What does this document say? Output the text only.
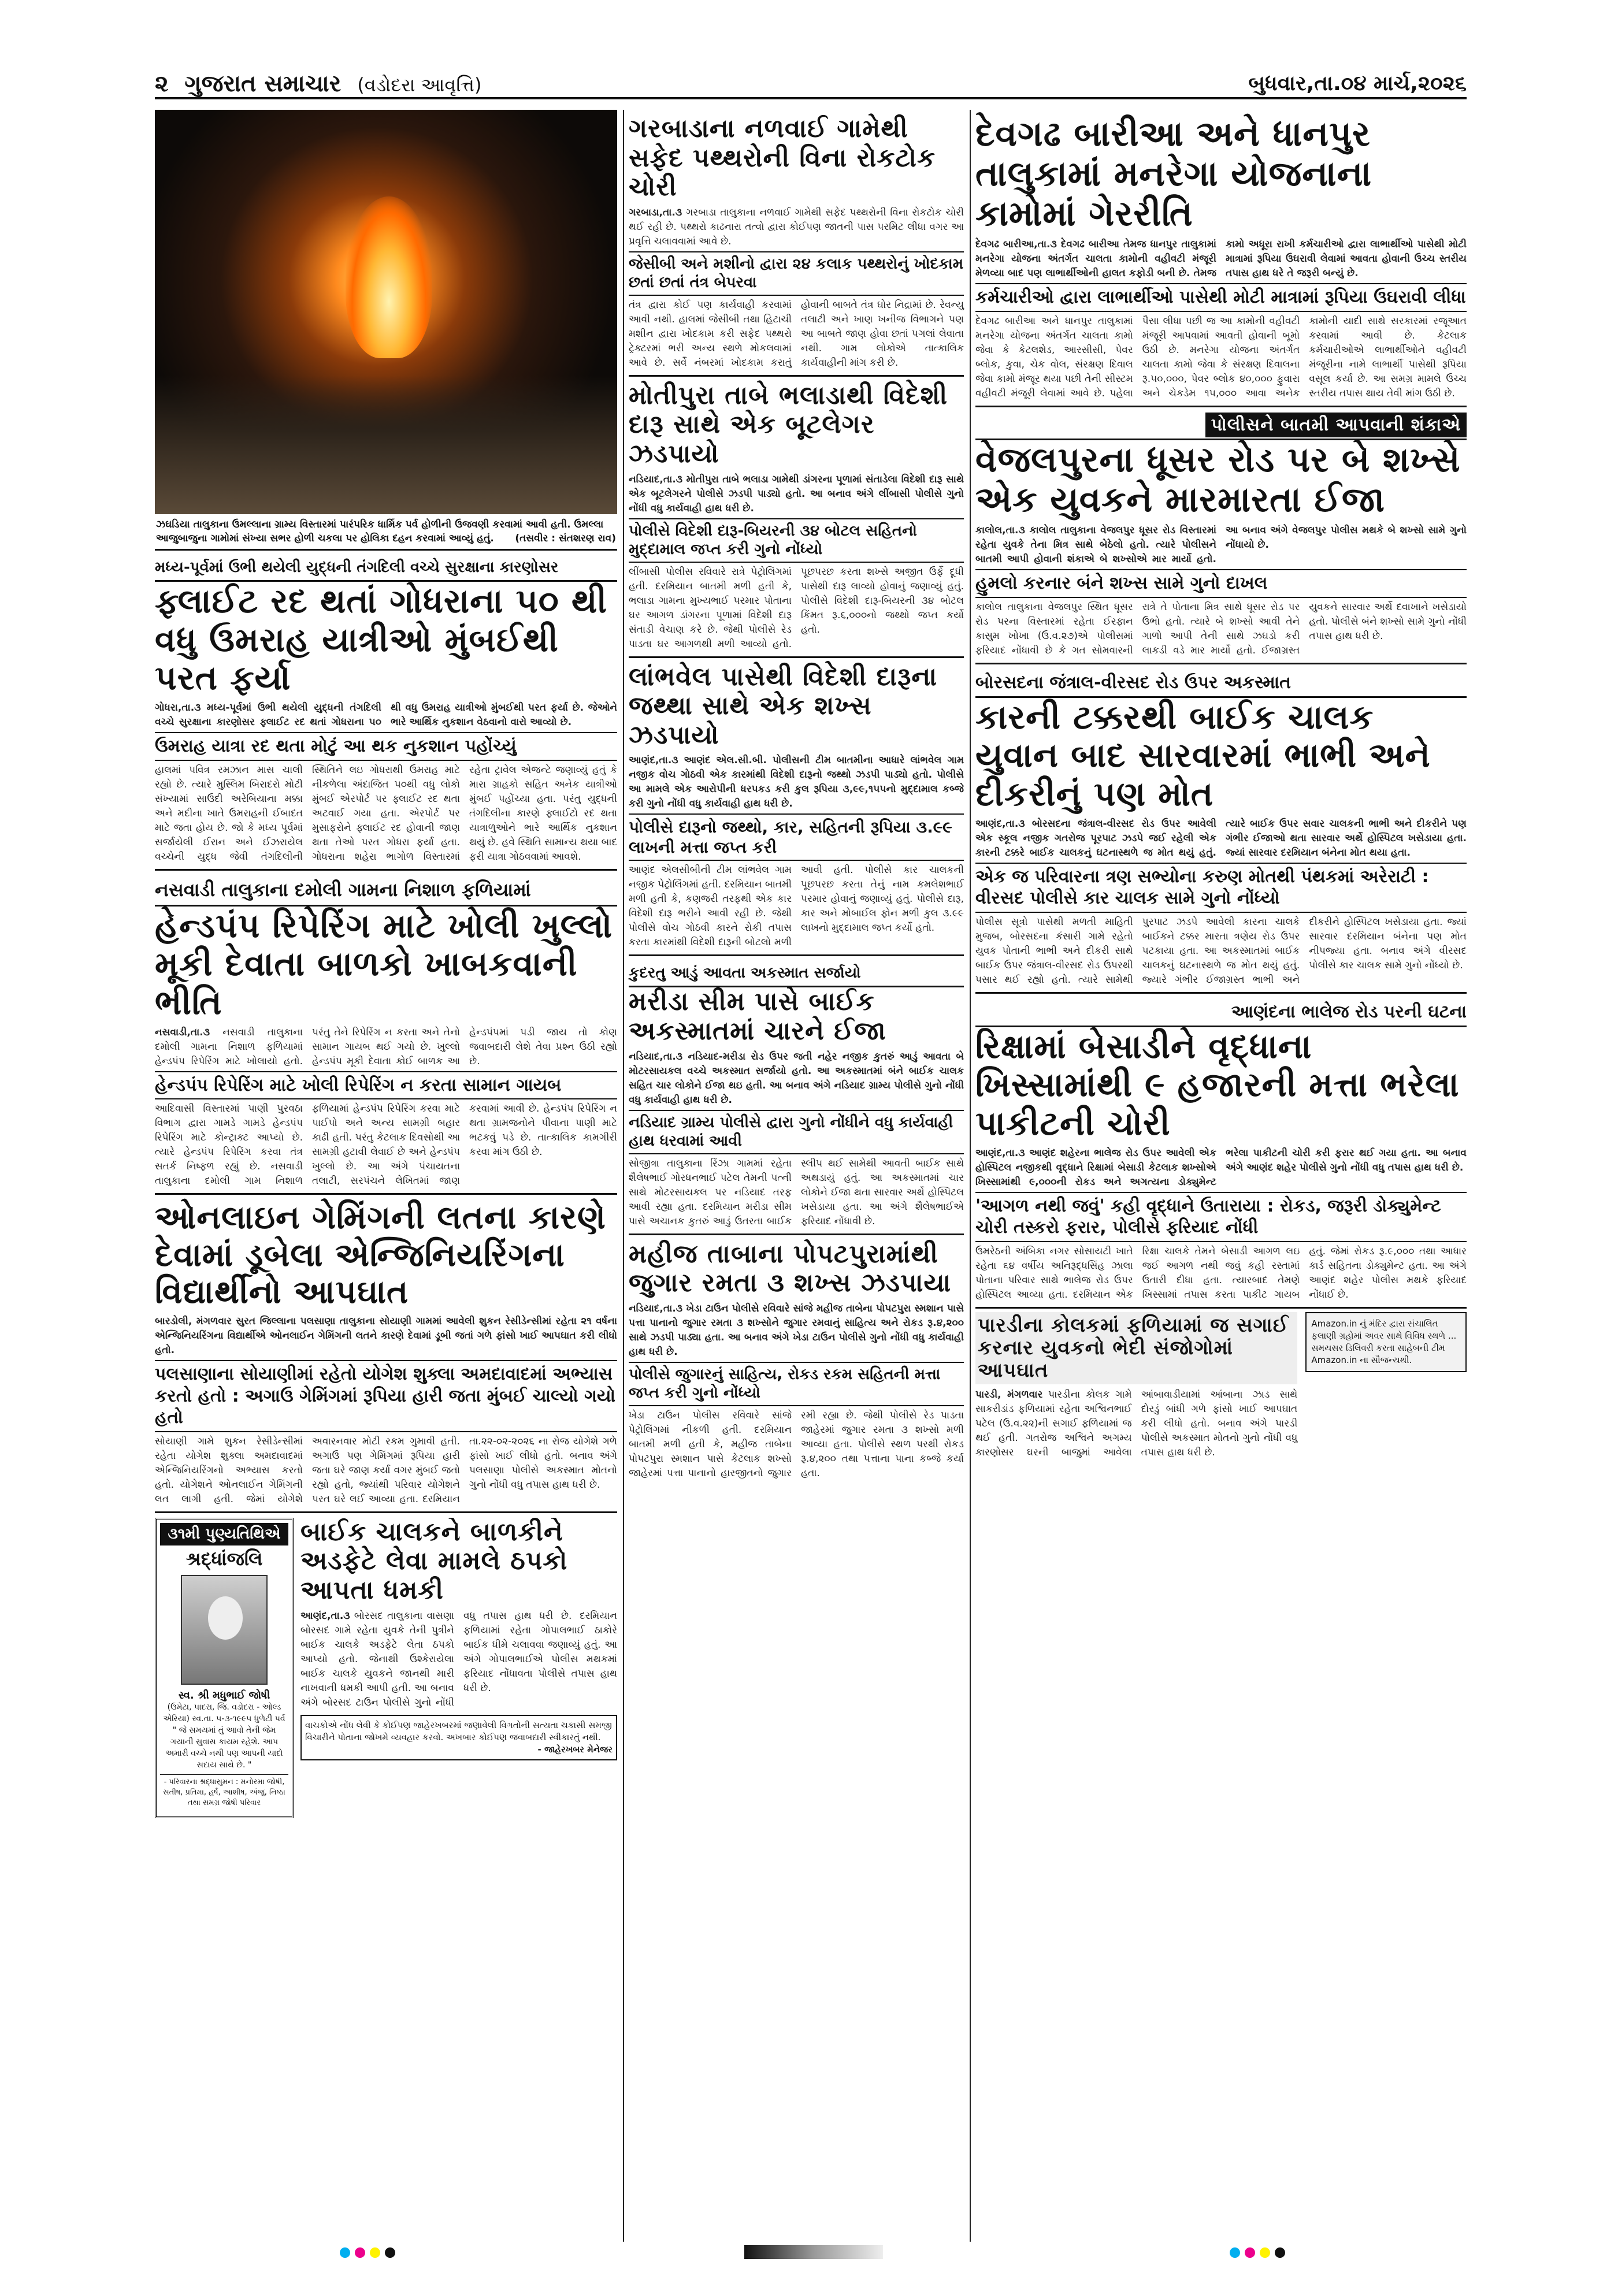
૨ ગુજરાત સમાચાર (વડોદરા આવૃત્તિ)	બુધવાર,તા.૦૪ માર્ચ,૨૦૨૬
ઝઘડિયા તાલુકાના ઉમલ્લાના ગ્રામ્ય વિસ્તારમાં પારંપરિક ધાર્મિક પર્વ હોળીની ઉજવણી કરવામાં આવી હતી. ઉમલ્લા આજુબાજુના ગામોમાં સંખ્યા સભર હોળી ચકલા પર હોલિકા દહન કરવામાં આવ્યું હતું. (તસવીર : સંતશરણ રાવ)
મધ્ય-પૂર્વમાં ઉભી થયેલી યુદ્ધની તંગદિલી વચ્ચે સુરક્ષાના કારણોસર
ફ્લાઈટ રદ થતાં ગોધરાના ૫૦ થી વધુ ઉમરાહ યાત્રીઓ મુંબઈથી પરત ફર્યા
ગોધરા,તા.૩ મધ્ય-પૂર્વમાં ઉભી થયેલી યુદ્ધની તંગદિલી વચ્ચે સુરક્ષાના કારણોસર ફ્લાઈટ રદ થતાં ગોધરાના ૫૦ થી વધુ ઉમરાહ યાત્રીઓ મુંબઈથી પરત ફર્યા છે. જેઓને ભારે આર્થિક નુકશાન વેઠવાનો વારો આવ્યો છે.
ઉમરાહ યાત્રા રદ થતા મોટું આ થક નુકશાન પહોંચ્યું
હાલમાં પવિત્ર રમઝાન માસ ચાલી રહ્યો છે. ત્યારે મુસ્લિમ બિરાદરો મોટી સંખ્યામાં સાઉદી અરેબિયાના મક્કા અને મદીના ખાતે ઉમરાહની ઈબાદત માટે જતા હોય છે. જો કે મધ્ય પૂર્વમાં સર્જાયેલી ઈરાન અને ઈઝરાયેલ વચ્ચેની યુદ્ધ જેવી તંગદિલીની સ્થિતિને લઇ ગોધરાથી ઉમરાહ માટે નીકળેલા અંદાજિત ૫૦થી વધુ લોકો મુંબઈ એરપોર્ટ પર ફ્લાઈટ રદ થતા અટવાઈ ગયા હતા. એરપોર્ટ પર મુસાફરોને ફ્લાઈટ રદ હોવાની જાણ થતા તેઓ પરત ગોધરા ફર્યા હતા. ગોધરાના શહેરા ભાગોળ વિસ્તારમાં રહેતા ટ્રાવેલ એજન્ટે જણાવ્યું હતું કે મારા ગ્રાહકો સહિત અનેક યાત્રીઓ મુંબઈ પહોંચ્યા હતા. પરંતુ યુદ્ધની તંગદિલીના કારણે ફ્લાઈટો રદ થતા યાત્રાળુઓને ભારે આર્થિક નુકશાન થયું છે. હવે સ્થિતિ સામાન્ય થયા બાદ ફરી યાત્રા ગોઠવવામાં આવશે.
નસવાડી તાલુકાના દમોલી ગામના નિશાળ ફળિયામાં
હેન્ડપંપ રિપેરિંગ માટે ખોલી ખુલ્લો મૂકી દેવાતા બાળકો ખાબકવાની ભીતિ
નસવાડી,તા.૩ નસવાડી તાલુકાના દમોલી ગામના નિશાળ ફળિયામાં હેન્ડપંપ રિપેરિંગ માટે ખોલાયો હતો. પરંતુ તેને રિપેરિંગ ન કરતા અને તેનો સામાન ગાયબ થઈ ગયો છે. ખુલ્લો હેન્ડપંપ મૂકી દેવાતા કોઈ બાળક આ હેન્ડપંપમાં પડી જાય તો કોણ જવાબદારી લેશે તેવા પ્રશ્ન ઉઠી રહ્યો છે.
હેન્ડપંપ રિપેરિંગ માટે ખોલી રિપેરિંગ ન કરતા સામાન ગાયબ
આદિવાસી વિસ્તારમાં પાણી પુરવઠા વિભાગ દ્વારા ગામડે ગામડે હેન્ડપંપ રિપેરિંગ માટે કોન્ટ્રાક્ટ આપ્યો છે. ત્યારે હેન્ડપંપ રિપેરિંગ કરવા તંત્ર સતર્ક નિષ્ફળ રહ્યું છે. નસવાડી તાલુકાના દમોલી ગામ નિશાળ ફળિયામાં હેન્ડપંપ રિપેરિંગ કરવા માટે પાઈપો અને અન્ય સામગ્રી બહાર કાઢી હતી. પરંતુ કેટલાક દિવસોથી આ સામગ્રી હટાવી લેવાઈ છે અને હેન્ડપંપ ખુલ્લો છે. આ અંગે પંચાયતના તલાટી, સરપંચને લેખિતમાં જાણ કરવામાં આવી છે. હેન્ડપંપ રિપેરિંગ ન થતા ગ્રામજનોને પીવાના પાણી માટે ભટકવું પડે છે. તાત્કાલિક કામગીરી કરવા માંગ ઉઠી છે.
ઓનલાઇન ગેમિંગની લતના કારણે દેવામાં ડૂબેલા એન્જિનિયરિંગના વિદ્યાર્થીનો આપઘાત
બારડોલી, મંગળવાર સુરત જિલ્લાના પલસાણા તાલુકાના સોયાણી ગામમાં આવેલી શુકન રેસીડેન્સીમાં રહેતા ૨૧ વર્ષના એન્જિનિયરિંગના વિદ્યાર્થીએ ઓનલાઈન ગેમિંગની લતને કારણે દેવામાં ડૂબી જતાં ગળે ફાંસો ખાઈ આપઘાત કરી લીધો હતો.
પલસાણાના સોયાણીમાં રહેતો યોગેશ શુક્લા અમદાવાદમાં અભ્યાસ કરતો હતો : અગાઉ ગેમિંગમાં રૂપિયા હારી જતા મુંબઈ ચાલ્યો ગયો હતો
સોયાણી ગામે શુકન રેસીડેન્સીમાં રહેતા યોગેશ શુક્લા અમદાવાદમાં એન્જિનિયરિંગનો અભ્યાસ કરતો હતો. યોગેશને ઓનલાઈન ગેમિંગની લત લાગી હતી. જેમાં યોગેશે અવારનવાર મોટી રકમ ગુમાવી હતી. અગાઉ પણ ગેમિંગમાં રૂપિયા હારી જતા ઘરે જાણ કર્યા વગર મુંબઈ જતો રહ્યો હતો, જ્યાંથી પરિવાર યોગેશને પરત ઘરે લઈ આવ્યા હતા. દરમિયાન તા.૨૨-૦૨-૨૦૨૬ ના રોજ યોગેશે ગળે ફાંસો ખાઈ લીધો હતો. બનાવ અંગે પલસાણા પોલીસે અકસ્માત મોતનો ગુનો નોંધી વધુ તપાસ હાથ ધરી છે.
૩૧મી પુણ્યતિથિએ
શ્રદ્ધાંજલિ
સ્વ. શ્રી મધુભાઈ જોષી
(ઉમેટા, પાદરા, જિ. વડોદરા - ઓલ્ડ એરિયા) સ્વ.તા. ૫-૩-૧૯૯૫ ધુળેટી પર્વ
" જે સમયમાં તું આવો તેની જેમ ગયાની સુવાસ કાયમ રહેશે. આપ અમારી વચ્ચે નથી પણ આપની યાદો સદાય સાથે છે. "
- પરિવારના શ્રદ્ધાસુમન : મનોરમા જોષી, સતીષ, પ્રતિમા, હર્ષ, આશીષ, અંજુ, નિષ્ઠા તથા સમગ્ર જોષી પરિવાર
બાઈક ચાલકને બાળકીને અડફેટે લેવા મામલે ઠપકો આપતા ધમકી
આણંદ,તા.૩ બોરસદ તાલુકાના વાસણા બોરસદ ગામે રહેતા યુવકે તેની પુત્રીને બાઈક ચાલકે અડફેટે લેતા ઠપકો આપ્યો હતો. જેનાથી ઉશ્કેરાયેલા બાઈક ચાલકે યુવકને જાનથી મારી નાખવાની ધમકી આપી હતી. આ બનાવ અંગે બોરસદ ટાઉન પોલીસે ગુનો નોંધી વધુ તપાસ હાથ ધરી છે. દરમિયાન ફળિયામાં રહેતા ગોપાલભાઈ ઠાકોરે બાઈક ધીમે ચલાવવા જણાવ્યું હતું. આ અંગે ગોપાલભાઈએ પોલીસ મથકમાં ફરિયાદ નોંધાવતા પોલીસે તપાસ હાથ ધરી છે.
વાચકોએ નોંધ લેવી કે કોઈપણ જાહેરખબરમાં જણાવેલી વિગતોની સત્યતા ચકાસી સમજી વિચારીને પોતાના જોખમે વ્યવહાર કરવો. અખબાર કોઈપણ જવાબદારી સ્વીકારતું નથી.
- જાહેરખબર મેનેજર
ગરબાડાના નળવાઈ ગામેથી સફેદ પથ્થરોની વિના રોકટોક ચોરી
ગરબાડા,તા.૩ ગરબાડા તાલુકાના નળવાઈ ગામેથી સફેદ પથ્થરોની વિના રોકટોક ચોરી થઈ રહી છે. પથ્થરો કાઢનારા તત્વો દ્વારા કોઈપણ જાતની પાસ પરમિટ લીધા વગર આ પ્રવૃત્તિ ચલાવવામાં આવે છે.
જેસીબી અને મશીનો દ્વારા ૨૪ કલાક પથ્થરોનું ખોદકામ છતાં છતાં તંત્ર બેપરવા
તંત્ર દ્વારા કોઈ પણ કાર્યવાહી કરવામાં આવી નથી. હાલમાં જેસીબી તથા હિટાચી મશીન દ્વારા ખોદકામ કરી સફેદ પથ્થરો ટ્રેક્ટરમાં ભરી અન્ય સ્થળે મોકલવામાં આવે છે. સર્વે નંબરમાં ખોદકામ કરાતું હોવાની બાબતે તંત્ર ઘોર નિદ્રામાં છે. રેવન્યુ તલાટી અને ખાણ ખનીજ વિભાગને પણ આ બાબતે જાણ હોવા છતાં પગલાં લેવાતા નથી. ગામ લોકોએ તાત્કાલિક કાર્યવાહીની માંગ કરી છે.
મોતીપુરા તાબે ભલાડાથી વિદેશી દારૂ સાથે એક બૂટલેગર ઝડપાયો
નડિયાદ,તા.૩ મોતીપુરા તાબે ભલાડા ગામેથી ડાંગરના પૂળામાં સંતાડેલા વિદેશી દારૂ સાથે એક બૂટલેગરને પોલીસે ઝડપી પાડ્યો હતો. આ બનાવ અંગે લીંબાસી પોલીસે ગુનો નોંધી વધુ કાર્યવાહી હાથ ધરી છે.
પોલીસે વિદેશી દારૂ-બિયરની ૩૪ બોટલ સહિતનો મુદ્દામાલ જપ્ત કરી ગુનો નોંધ્યો
લીંબાસી પોલીસ રવિવારે રાત્રે પેટ્રોલિંગમાં હતી. દરમિયાન બાતમી મળી હતી કે, ભલાડા ગામના મુખ્યભાઈ પરમાર પોતાના ઘર આગળ ડાંગરના પૂળામાં વિદેશી દારૂ સંતાડી વેચાણ કરે છે. જેથી પોલીસે રેડ પાડતા ઘર આગળથી મળી આવ્યો હતો. પૂછપરછ કરતા શખ્સે અજીત ઉર્ફે દૂધી પાસેથી દારૂ લાવ્યો હોવાનું જણાવ્યું હતું. પોલીસે વિદેશી દારૂ-બિયરની ૩૪ બોટલ કિંમત રૂ.૬,૦૦૦નો જથ્થો જપ્ત કર્યો હતો.
લાંભવેલ પાસેથી વિદેશી દારૂના જથ્થા સાથે એક શખ્સ ઝડપાયો
આણંદ,તા.૩ આણંદ એલ.સી.બી. પોલીસની ટીમ બાતમીના આધારે લાંભવેલ ગામ નજીક વોચ ગોઠવી એક કારમાંથી વિદેશી દારૂનો જથ્થો ઝડપી પાડ્યો હતો. પોલીસે આ મામલે એક આરોપીની ધરપકડ કરી કુલ રૂપિયા ૩,૯૯,૧૫૫નો મુદ્દામાલ કબ્જે કરી ગુનો નોંધી વધુ કાર્યવાહી હાથ ધરી છે.
પોલીસે દારૂનો જથ્થો, કાર, સહિતની રૂપિયા ૩.૯૯ લાખની મત્તા જપ્ત કરી
આણંદ એલસીબીની ટીમ લાંભવેલ ગામ નજીક પેટ્રોલિંગમાં હતી. દરમિયાન બાતમી મળી હતી કે, કણજરી તરફથી એક કાર વિદેશી દારૂ ભરીને આવી રહી છે. જેથી પોલીસે વોચ ગોઠવી કારને રોકી તપાસ કરતા કારમાંથી વિદેશી દારૂની બોટલો મળી આવી હતી. પોલીસે કાર ચાલકની પૂછપરછ કરતા તેનું નામ કમલેશભાઈ પરમાર હોવાનું જણાવ્યું હતું. પોલીસે દારૂ, કાર અને મોબાઈલ ફોન મળી કુલ ૩.૯૯ લાખનો મુદ્દામાલ જપ્ત કર્યો હતો.
કુદરતુ આડું આવતા અકસ્માત સર્જાયો
મરીડા સીમ પાસે બાઈક અકસ્માતમાં ચારને ઈજા
નડિયાદ,તા.૩ નડિયાદ-મરીડા રોડ ઉપર જતી નહેર નજીક કુતરું આડું આવતા બે મોટરસાયકલ વચ્ચે અકસ્માત સર્જાયો હતો. આ અકસ્માતમાં બંને બાઈક ચાલક સહિત ચાર લોકોને ઈજા થઇ હતી. આ બનાવ અંગે નડિયાદ ગ્રામ્ય પોલીસે ગુનો નોંધી વધુ કાર્યવાહી હાથ ધરી છે.
નડિયાદ ગ્રામ્ય પોલીસે દ્વારા ગુનો નોંધીને વધુ કાર્યવાહી હાથ ધરવામાં આવી
સોજીત્રા તાલુકાના રિંઝા ગામમાં રહેતા શૈલેષભાઈ ગોરધનભાઈ પટેલ તેમની પત્ની સાથે મોટરસાયકલ પર નડિયાદ તરફ આવી રહ્યા હતા. દરમિયાન મરીડા સીમ પાસે અચાનક કુતરું આડું ઉતરતા બાઈક સ્લીપ થઈ સામેથી આવતી બાઈક સાથે અથડાયું હતું. આ અકસ્માતમાં ચાર લોકોને ઈજા થતા સારવાર અર્થે હોસ્પિટલ ખસેડાયા હતા. આ અંગે શૈલેષભાઈએ ફરિયાદ નોંધાવી છે.
મહીજ તાબાના પોપટપુરામાંથી જુગાર રમતા ૩ શખ્સ ઝડપાયા
નડિયાદ,તા.૩ ખેડા ટાઉન પોલીસે રવિવારે સાંજે મહીજ તાબેના પોપટપુરા સ્મશાન પાસે પત્તા પાનાનો જુગાર રમતા ૩ શખ્સોને જુગાર રમવાનું સાહિત્ય અને રોકડ રૂ.૪,૨૦૦ સાથે ઝડપી પાડ્યા હતા. આ બનાવ અંગે ખેડા ટાઉન પોલીસે ગુનો નોંધી વધુ કાર્યવાહી હાથ ધરી છે.
પોલીસે જુગારનું સાહિત્ય, રોકડ રકમ સહિતની મત્તા જપ્ત કરી ગુનો નોંધ્યો
ખેડા ટાઉન પોલીસ રવિવારે સાંજે પેટ્રોલિંગમાં નીકળી હતી. દરમિયાન બાતમી મળી હતી કે, મહીજ તાબેના પોપટપુરા સ્મશાન પાસે કેટલાક શખ્સો જાહેરમાં પત્તા પાનાનો હારજીતનો જુગાર રમી રહ્યા છે. જેથી પોલીસે રેડ પાડતા જાહેરમાં જુગાર રમતા ૩ શખ્સો મળી આવ્યા હતા. પોલીસે સ્થળ પરથી રોકડ રૂ.૪,૨૦૦ તથા પત્તાના પાના કબ્જે કર્યા હતા.
દેવગઢ બારીઆ અને ધાનપુર તાલુકામાં મનરેગા યોજનાના કામોમાં ગેરરીતિ
દેવગઢ બારીઆ,તા.૩ દેવગઢ બારીઆ તેમજ ધાનપુર તાલુકામાં મનરેગા યોજના અંતર્ગત ચાલતા કામોની વહીવટી મંજૂરી મેળવ્યા બાદ પણ લાભાર્થીઓની હાલત કફોડી બની છે. તેમજ કામો અધૂરા રાખી કર્મચારીઓ દ્વારા લાભાર્થીઓ પાસેથી મોટી માત્રામાં રૂપિયા ઉઘરાવી લેવામાં આવતા હોવાની ઉચ્ચ સ્તરીય તપાસ હાથ ધરે તે જરૂરી બન્યું છે.
કર્મચારીઓ દ્વારા લાભાર્થીઓ પાસેથી મોટી માત્રામાં રૂપિયા ઉઘરાવી લીધા
દેવગઢ બારીઆ અને ધાનપુર તાલુકામાં મનરેગા યોજના અંતર્ગત ચાલતા કામો જેવા કે કેટલશેડ, આરસીસી, પેવર બ્લોક, કુવા, ચેક વોલ, સંરક્ષણ દિવાલ જેવા કામો મંજૂર થયા પછી તેની સીસ્ટમ વહીવટી મંજૂરી લેવામાં આવે છે. પહેલા પૈસા લીધા પછી જ આ કામોની વહીવટી મંજૂરી આપવામાં આવતી હોવાની બૂમો ઉઠી છે. મનરેગા યોજના અંતર્ગત ચાલતા કામો જેવા કે સંરક્ષણ દિવાલના રૂ.૫૦,૦૦૦, પેવર બ્લોક ૪૦,૦૦૦ ફુવારા અને ચેકડેમ ૧૫,૦૦૦ આવા અનેક કામોની યાદી સાથે સરકારમાં રજૂઆત કરવામાં આવી છે. કેટલાક કર્મચારીઓએ લાભાર્થીઓને વહીવટી મંજૂરીના નામે લાભાર્થી પાસેથી રૂપિયા વસૂલ કર્યા છે. આ સમગ્ર મામલે ઉચ્ચ સ્તરીય તપાસ થાય તેવી માંગ ઉઠી છે.
પોલીસને બાતમી આપવાની શંકાએ
વેજલપુરના ધૂસર રોડ પર બે શખ્સે એક યુવકને મારમારતા ઈજા
કાલોલ,તા.૩ કાલોલ તાલુકાના વેજલપુર ધૂસર રોડ વિસ્તારમાં રહેતા યુવકે તેના મિત્ર સાથે બેઠેલો હતો. ત્યારે પોલીસને બાતમી આપી હોવાની શંકાએ બે શખ્સોએ માર માર્યો હતો. આ બનાવ અંગે વેજલપુર પોલીસ મથકે બે શખ્સો સામે ગુનો નોંધાયો છે.
હુમલો કરનાર બંને શખ્સ સામે ગુનો દાખલ
કાલોલ તાલુકાના વેજલપુર સ્થિત ધૂસર રોડ પરના વિસ્તારમાં રહેતા ઈરફાન કાસુમ ખોખા (ઉ.વ.૨૭)એ પોલીસમાં ફરિયાદ નોંધાવી છે કે ગત સોમવારની રાત્રે તે પોતાના મિત્ર સાથે ધૂસર રોડ પર ઉભો હતો. ત્યારે બે શખ્સો આવી તેને ગાળો આપી તેની સાથે ઝઘડો કરી લાકડી વડે માર માર્યો હતો. ઈજાગ્રસ્ત યુવકને સારવાર અર્થે દવાખાને ખસેડાયો હતો. પોલીસે બંને શખ્સો સામે ગુનો નોંધી તપાસ હાથ ધરી છે.
બોરસદના જંત્રાલ-વીરસદ રોડ ઉપર અકસ્માત
કારની ટક્કરથી બાઈક ચાલક યુવાન બાદ સારવારમાં ભાભી અને દીકરીનું પણ મોત
આણંદ,તા.૩ બોરસદના જંત્રાલ-વીરસદ રોડ ઉપર આવેલી એક સ્કૂલ નજીક ગતરોજ પૂરપાટ ઝડપે જઈ રહેલી એક કારની ટક્કરે બાઈક ચાલકનું ઘટનાસ્થળે જ મોત થયું હતું. ત્યારે બાઈક ઉપર સવાર ચાલકની ભાભી અને દીકરીને પણ ગંભીર ઈજાઓ થતા સારવાર અર્થે હોસ્પિટલ ખસેડાયા હતા. જ્યાં સારવાર દરમિયાન બંનેના મોત થયા હતા.
એક જ પરિવારના ત્રણ સભ્યોના કરુણ મોતથી પંથકમાં અરેરાટી : વીરસદ પોલીસે કાર ચાલક સામે ગુનો નોંધ્યો
પોલીસ સૂત્રો પાસેથી મળતી માહિતી મુજબ, બોરસદના કંસારી ગામે રહેતો યુવક પોતાની ભાભી અને દીકરી સાથે બાઈક ઉપર જંત્રાલ-વીરસદ રોડ ઉપરથી પસાર થઈ રહ્યો હતો. ત્યારે સામેથી પુરપાટ ઝડપે આવેલી કારના ચાલકે બાઈકને ટક્કર મારતા ત્રણેય રોડ ઉપર પટકાયા હતા. આ અકસ્માતમાં બાઈક ચાલકનું ઘટનાસ્થળે જ મોત થયું હતું. જ્યારે ગંભીર ઈજાગ્રસ્ત ભાભી અને દીકરીને હોસ્પિટલ ખસેડાયા હતા. જ્યાં સારવાર દરમિયાન બંનેના પણ મોત નીપજ્યા હતા. બનાવ અંગે વીરસદ પોલીસે કાર ચાલક સામે ગુનો નોંધ્યો છે.
આણંદના ભાલેજ રોડ પરની ઘટના
રિક્ષામાં બેસાડીને વૃદ્ધાના ખિસ્સામાંથી ૯ હજારની મત્તા ભરેલા પાકીટની ચોરી
આણંદ,તા.૩ આણંદ શહેરના ભાલેજ રોડ ઉપર આવેલી એક હોસ્પિટલ નજીકથી વૃદ્ધાને રિક્ષામાં બેસાડી કેટલાક શખ્સોએ ખિસ્સામાંથી ૯,૦૦૦ની રોકડ અને અગત્યના ડોક્યુમેન્ટ ભરેલા પાકીટની ચોરી કરી ફરાર થઈ ગયા હતા. આ બનાવ અંગે આણંદ શહેર પોલીસે ગુનો નોંધી વધુ તપાસ હાથ ધરી છે.
'આગળ નથી જવું' કહી વૃદ્ધાને ઉતારાયા : રોકડ, જરૂરી ડોક્યુમેન્ટ ચોરી તસ્કરો ફરાર, પોલીસે ફરિયાદ નોંધી
ઉમરેઠની અંબિકા નગર સોસાયટી ખાતે રહેતા ૬૪ વર્ષીય અનિરૂદ્ધસિંહ ઝાલા પોતાના પરિવાર સાથે ભાલેજ રોડ ઉપર હોસ્પિટલ આવ્યા હતા. દરમિયાન એક રિક્ષા ચાલકે તેમને બેસાડી આગળ લઇ જઈ આગળ નથી જવું કહી રસ્તામાં ઉતારી દીધા હતા. ત્યારબાદ તેમણે ખિસ્સામાં તપાસ કરતા પાકીટ ગાયબ હતું. જેમાં રોકડ રૂ.૯,૦૦૦ તથા આધાર કાર્ડ સહિતના ડોક્યુમેન્ટ હતા. આ અંગે આણંદ શહેર પોલીસ મથકે ફરિયાદ નોંધાઈ છે.
પારડીના કોલકમાં ફળિયામાં જ સગાઈ કરનાર યુવકનો ભેદી સંજોગોમાં આપઘાત
પારડી, મંગળવાર પારડીના કોલક ગામે સાકરીડાંડ ફળિયામાં રહેતા અશ્વિનભાઈ પટેલ (ઉ.વ.૨૨)ની સગાઈ ફળિયામાં જ થઈ હતી. ગતરોજ અશ્વિને અગમ્ય કારણોસર ઘરની બાજુમાં આવેલા આંબાવાડીયામાં આંબાના ઝાડ સાથે દોરડું બાંધી ગળે ફાંસો ખાઈ આપઘાત કરી લીધો હતો. બનાવ અંગે પારડી પોલીસે અકસ્માત મોતનો ગુનો નોંધી વધુ તપાસ હાથ ધરી છે.
Amazon.in નું મંદિર દ્વારા સંચાલિત ફલાણી ગ્રહોમાં અવર સાથે વિવિધ સ્થળે ... સમયસર ડિલિવરી કરતા સાહેબની ટીમ Amazon.in ના સૌજન્યથી.
